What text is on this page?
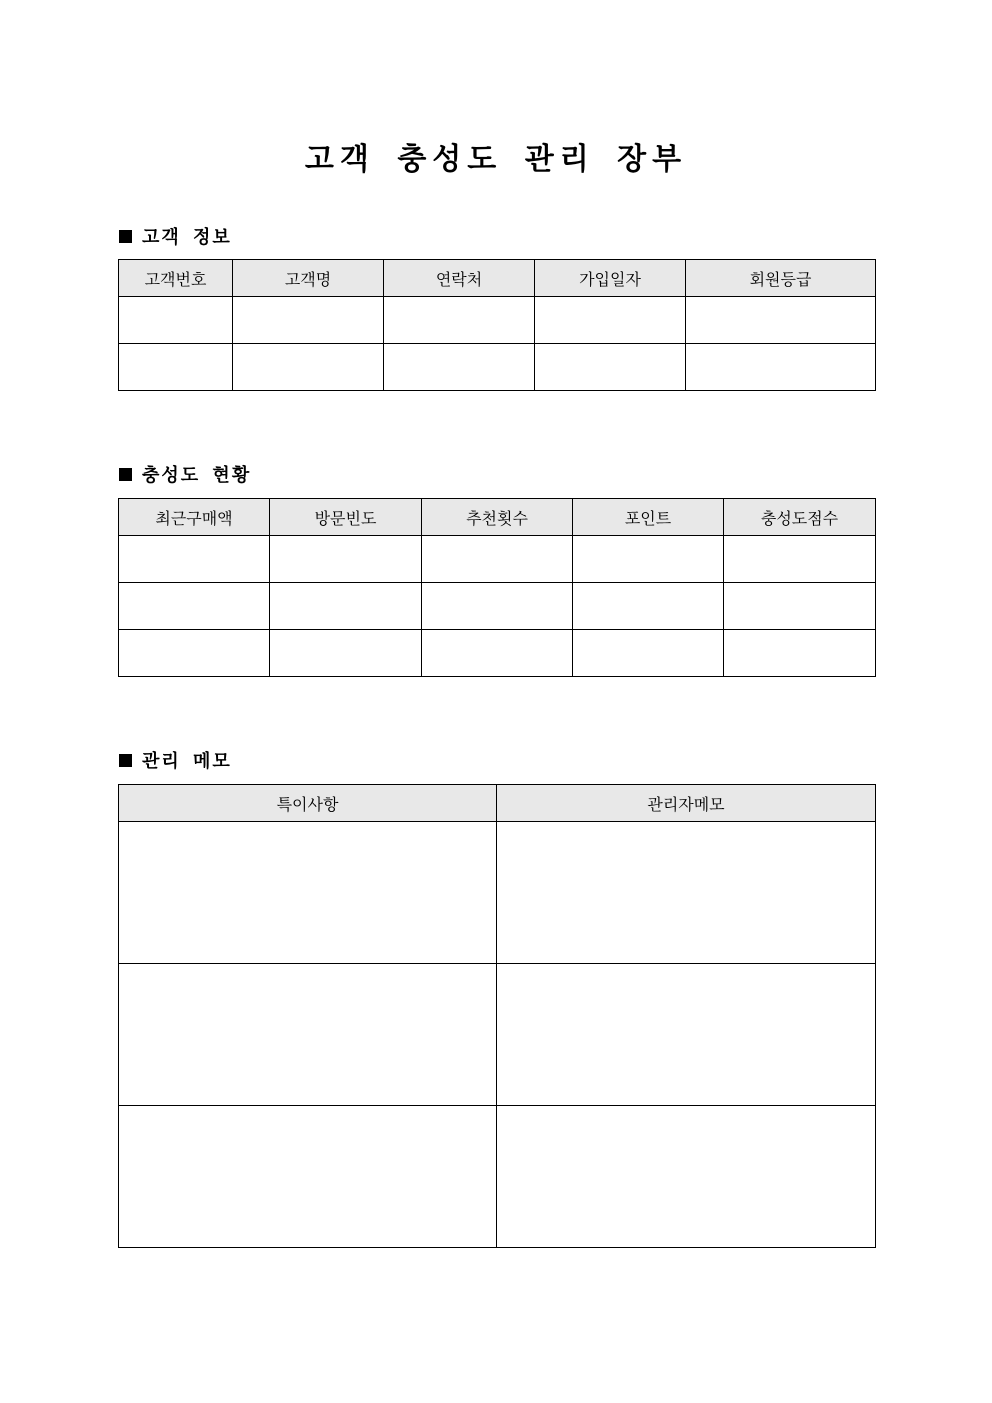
고객 충성도 관리 장부
고객 정보
고객번호	고객명	연락처	가입일자	회원등급

충성도 현황
최근구매액	방문빈도	추천횟수	포인트	충성도점수

관리 메모
특이사항	관리자메모
